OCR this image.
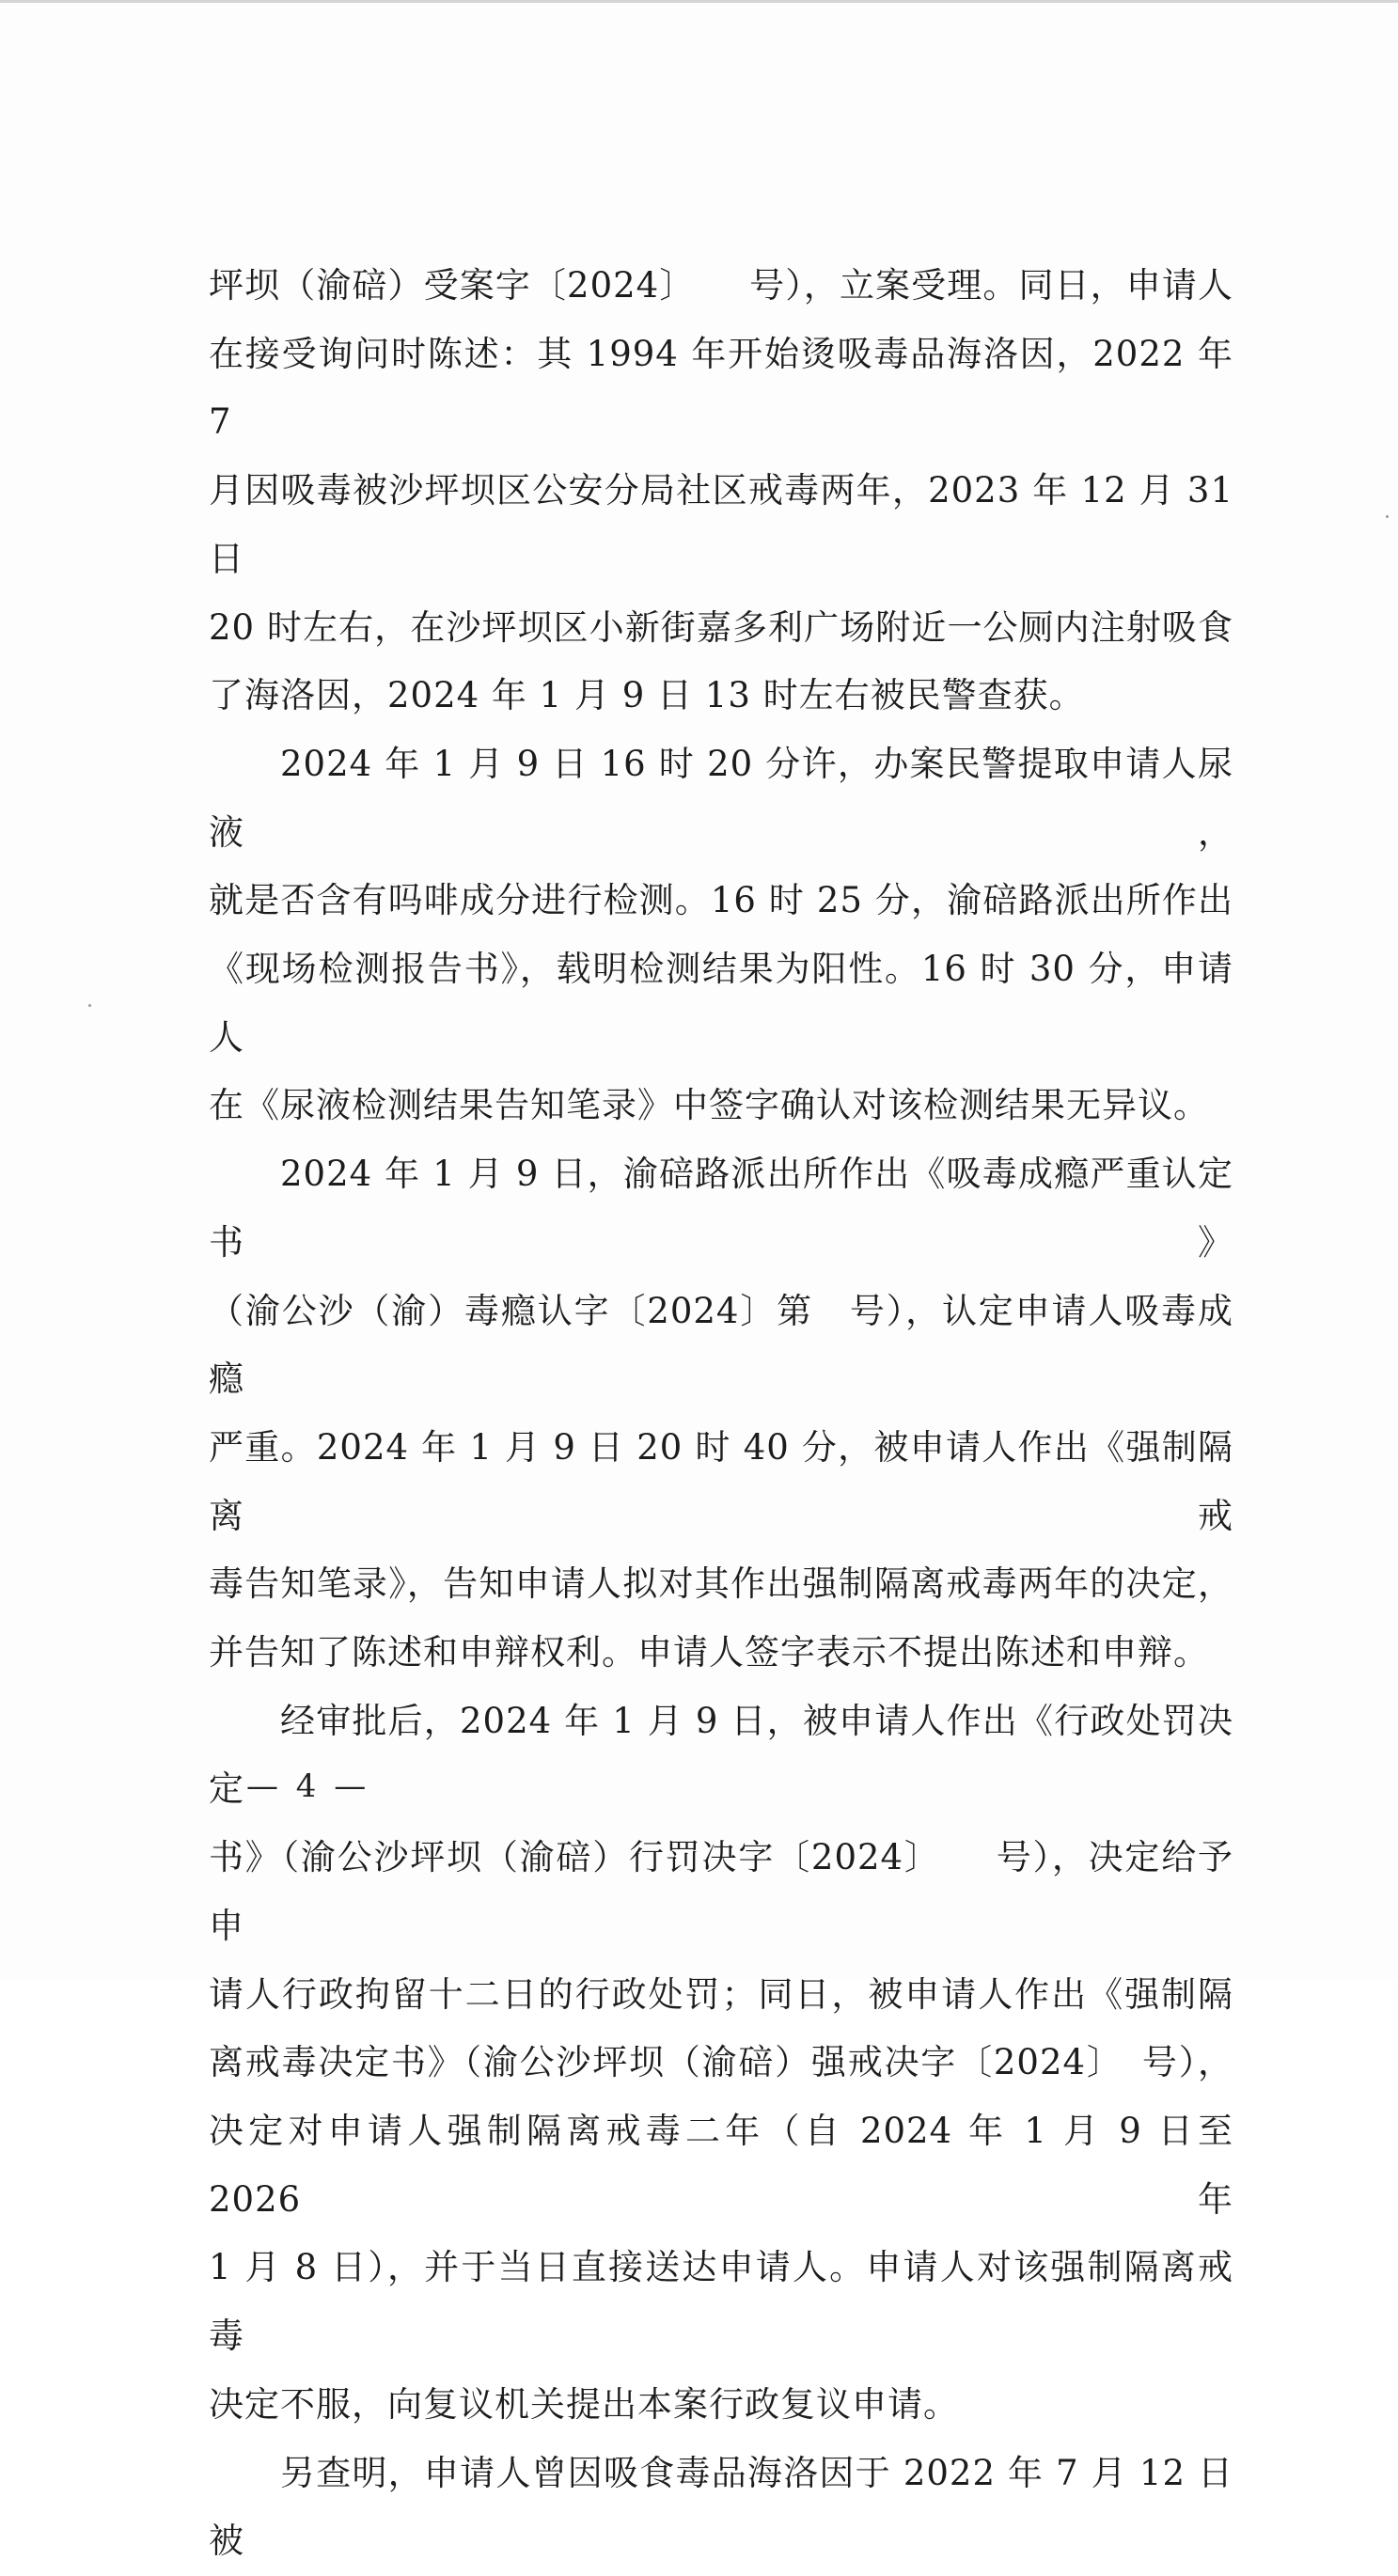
坪坝（渝碚）受案字〔2024〕　　号），立案受理。同日，申请人

在接受询问时陈述：其 1994 年开始烫吸毒品海洛因，2022 年 7

月因吸毒被沙坪坝区公安分局社区戒毒两年，2023 年 12 月 31 日

20 时左右，在沙坪坝区小新街嘉多利广场附近一公厕内注射吸食

了海洛因，2024 年 1 月 9 日 13 时左右被民警查获。

2024 年 1 月 9 日 16 时 20 分许，办案民警提取申请人尿液，

就是否含有吗啡成分进行检测。16 时 25 分，渝碚路派出所作出

《现场检测报告书》，载明检测结果为阳性。16 时 30 分，申请人

在《尿液检测结果告知笔录》中签字确认对该检测结果无异议。

2024 年 1 月 9 日，渝碚路派出所作出《吸毒成瘾严重认定书》

（渝公沙（渝）毒瘾认字〔2024〕第　号），认定申请人吸毒成瘾

严重。2024 年 1 月 9 日 20 时 40 分，被申请人作出《强制隔离戒

毒告知笔录》，告知申请人拟对其作出强制隔离戒毒两年的决定，

并告知了陈述和申辩权利。申请人签字表示不提出陈述和申辩。

经审批后，2024 年 1 月 9 日，被申请人作出《行政处罚决定

书》（渝公沙坪坝（渝碚）行罚决字〔2024〕　　号），决定给予申

请人行政拘留十二日的行政处罚；同日，被申请人作出《强制隔

离戒毒决定书》（渝公沙坪坝（渝碚）强戒决字〔2024〕　号），

决定对申请人强制隔离戒毒二年（自 2024 年 1 月 9 日至 2026 年

1 月 8 日），并于当日直接送达申请人。申请人对该强制隔离戒毒

决定不服，向复议机关提出本案行政复议申请。

另查明，申请人曾因吸食毒品海洛因于 2022 年 7 月 12 日被

— 4 —
